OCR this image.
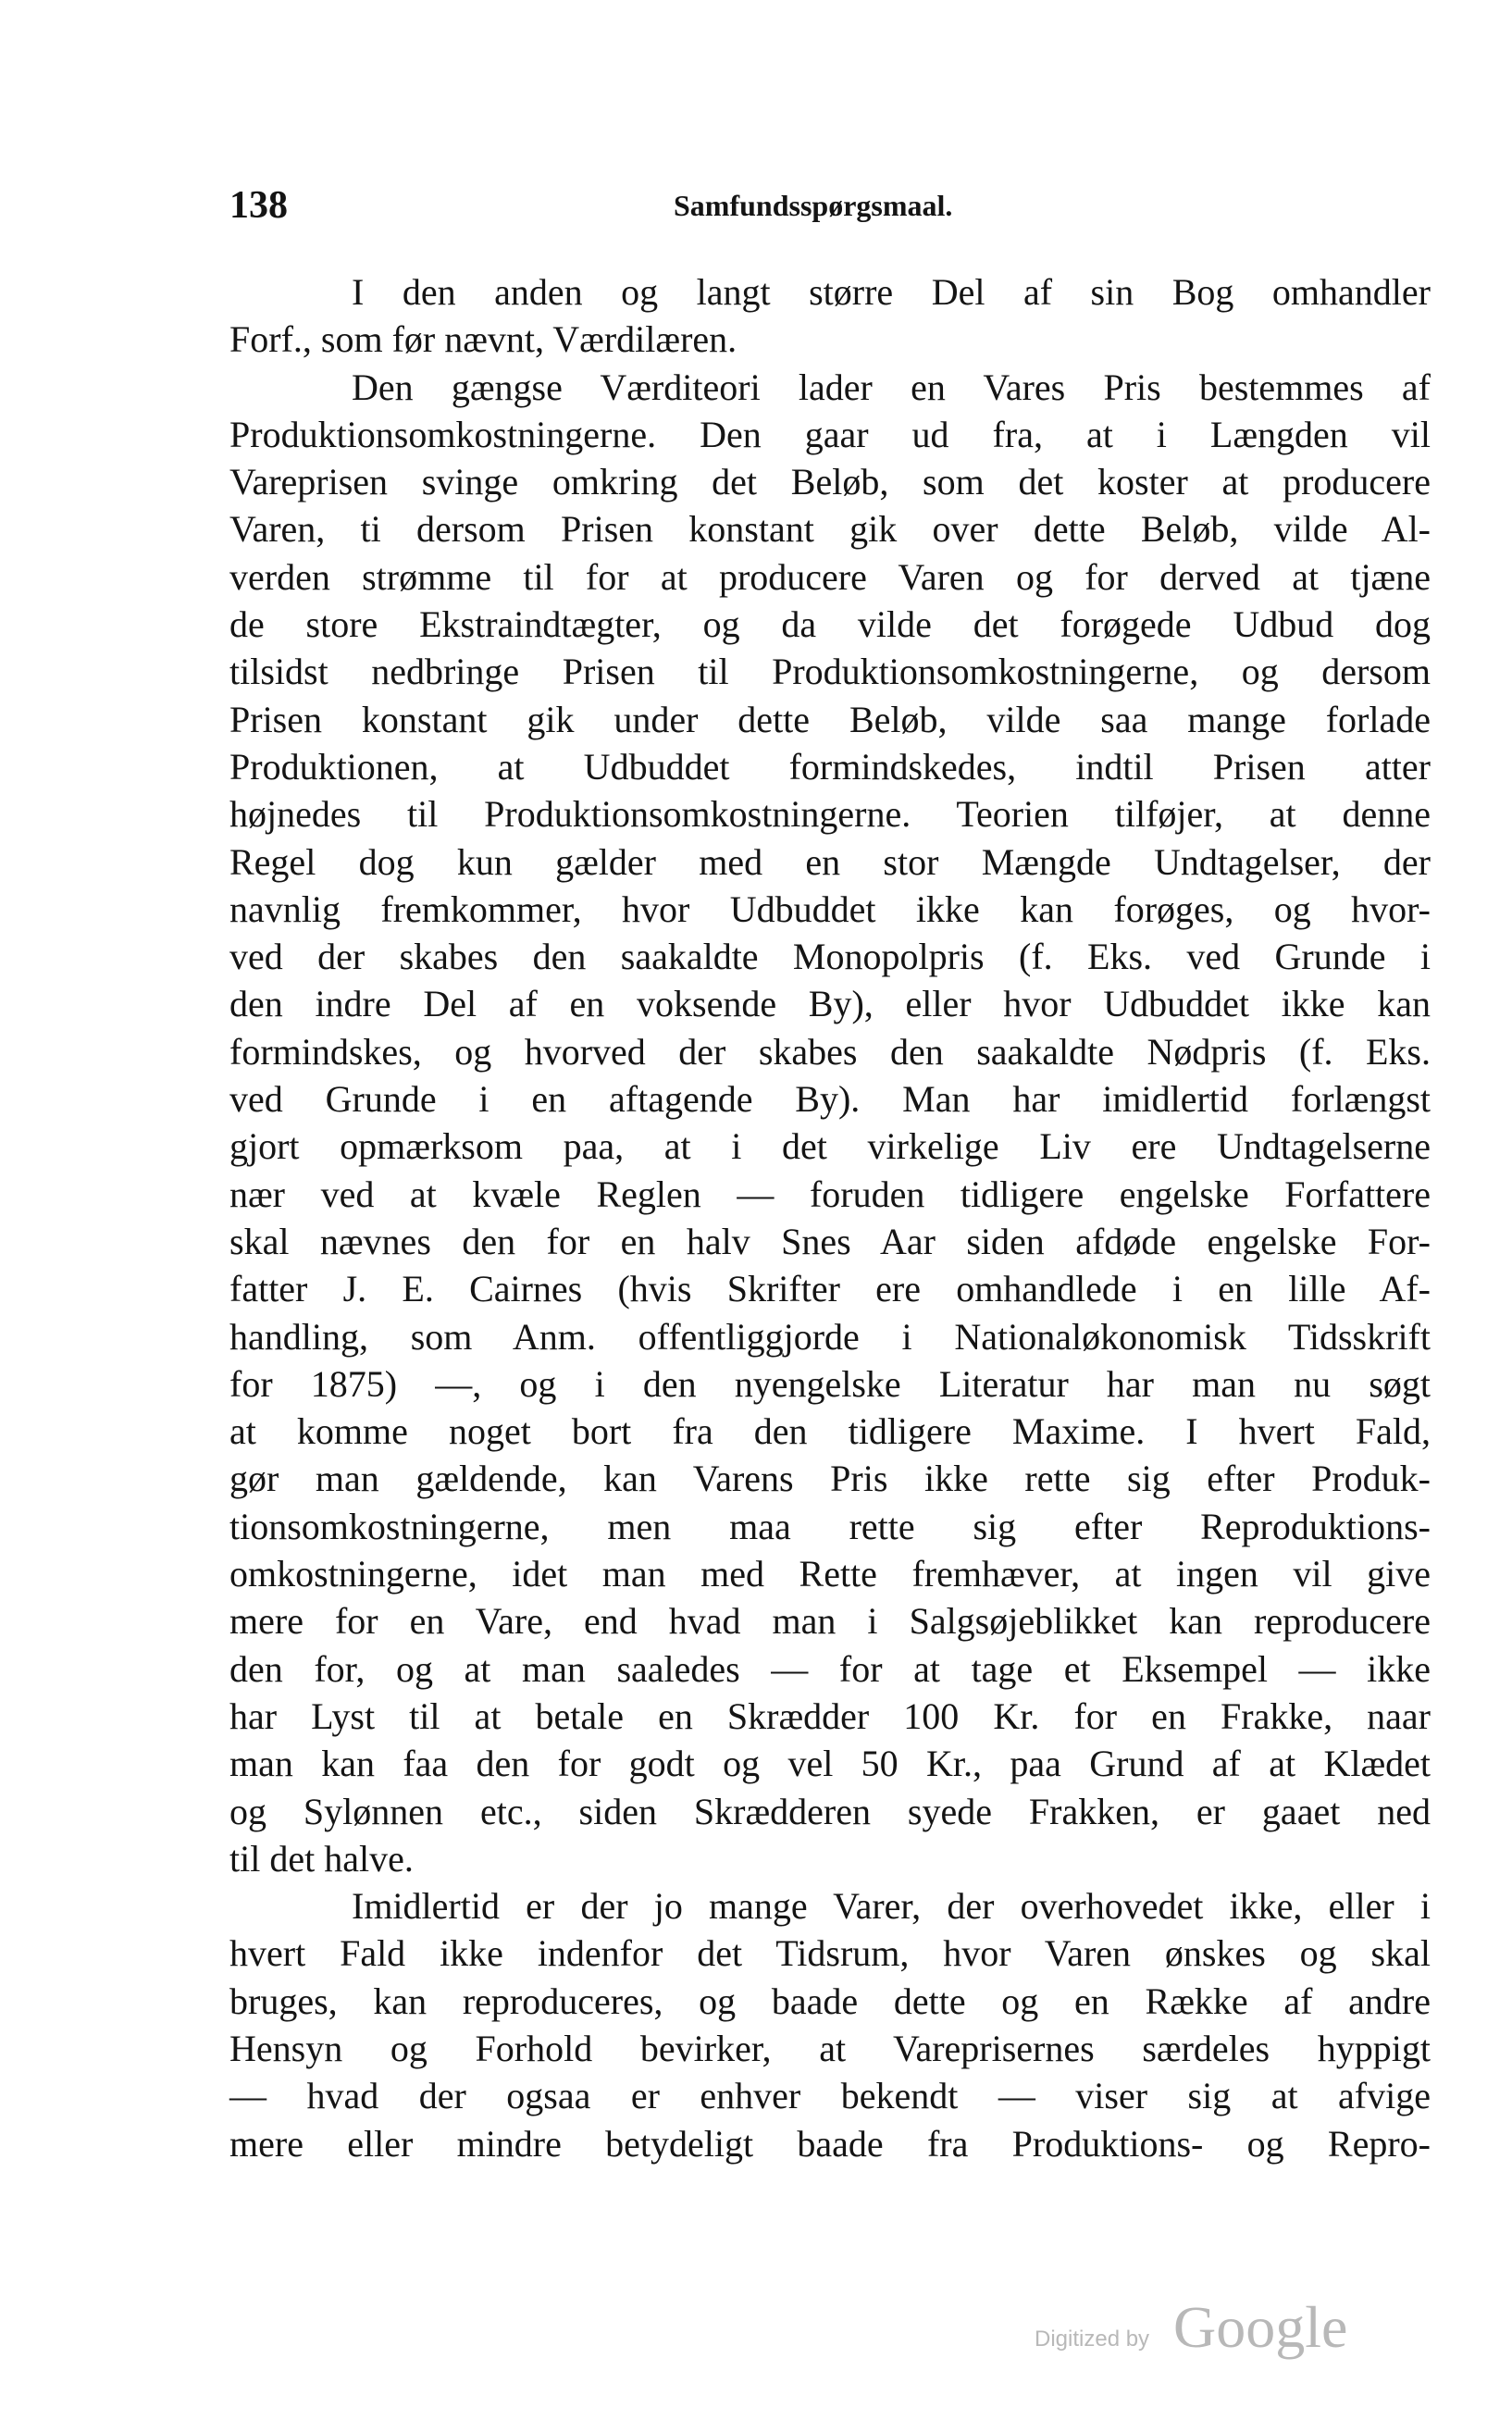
138	Samfundsspørgsmaal.
I den anden og langt større Del af sin Bog omhandler
Forf., som før nævnt, Værdilæren.
Den gængse Værditeori lader en Vares Pris bestemmes af
Produktionsomkostningerne. Den gaar ud fra, at i Længden vil
Vareprisen svinge omkring det Beløb, som det koster at producere
Varen, ti dersom Prisen konstant gik over dette Beløb, vilde Al-
verden strømme til for at producere Varen og for derved at tjæne
de store Ekstraindtægter, og da vilde det forøgede Udbud dog
tilsidst nedbringe Prisen til Produktionsomkostningerne, og dersom
Prisen konstant gik under dette Beløb, vilde saa mange forlade
Produktionen, at Udbuddet formindskedes, indtil Prisen atter
højnedes til Produktionsomkostningerne. Teorien tilføjer, at denne
Regel dog kun gælder med en stor Mængde Undtagelser, der
navnlig fremkommer, hvor Udbuddet ikke kan forøges, og hvor-
ved der skabes den saakaldte Monopolpris (f. Eks. ved Grunde i
den indre Del af en voksende By), eller hvor Udbuddet ikke kan
formindskes, og hvorved der skabes den saakaldte Nødpris (f. Eks.
ved Grunde i en aftagende By). Man har imidlertid forlængst
gjort opmærksom paa, at i det virkelige Liv ere Undtagelserne
nær ved at kvæle Reglen — foruden tidligere engelske Forfattere
skal nævnes den for en halv Snes Aar siden afdøde engelske For-
fatter J. E. Cairnes (hvis Skrifter ere omhandlede i en lille Af-
handling, som Anm. offentliggjorde i Nationaløkonomisk Tidsskrift
for 1875) —, og i den nyengelske Literatur har man nu søgt
at komme noget bort fra den tidligere Maxime. I hvert Fald,
gør man gældende, kan Varens Pris ikke rette sig efter Produk-
tionsomkostningerne, men maa rette sig efter Reproduktions-
omkostningerne, idet man med Rette fremhæver, at ingen vil give
mere for en Vare, end hvad man i Salgsøjeblikket kan reproducere
den for, og at man saaledes — for at tage et Eksempel — ikke
har Lyst til at betale en Skrædder 100 Kr. for en Frakke, naar
man kan faa den for godt og vel 50 Kr., paa Grund af at Klædet
og Sylønnen etc., siden Skrædderen syede Frakken, er gaaet ned
til det halve.
Imidlertid er der jo mange Varer, der overhovedet ikke, eller i
hvert Fald ikke indenfor det Tidsrum, hvor Varen ønskes og skal
bruges, kan reproduceres, og baade dette og en Række af andre
Hensyn og Forhold bevirker, at Vareprisernes særdeles hyppigt
— hvad der ogsaa er enhver bekendt — viser sig at afvige
mere eller mindre betydeligt baade fra Produktions- og Repro-
Digitized by Google
